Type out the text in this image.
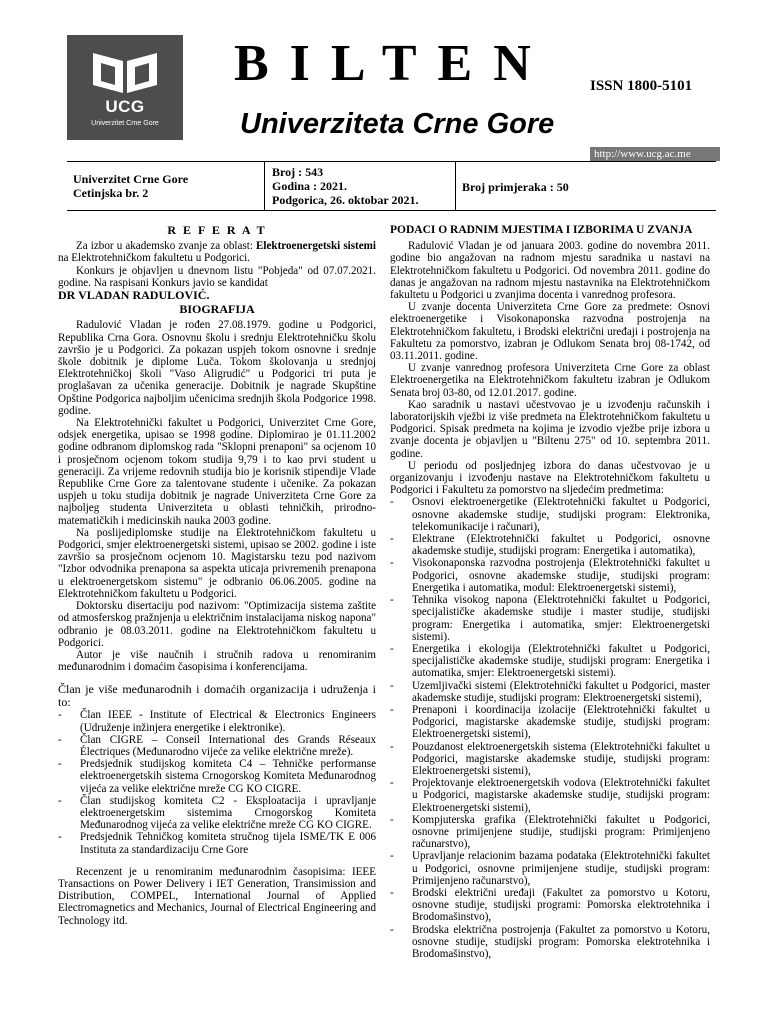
UCG
Univerzitet Crne Gore
BILTEN	ISSN 1800-5101
Univerziteta Crne Gore
http://www.ucg.ac.me
Univerzitet Crne Gore
Cetinjska br. 2
Broj : 543
Godina : 2021.
Podgorica, 26. oktobar 2021.
Broj primjeraka : 50
R E F E R A T

Za izbor u akademsko zvanje za oblast: Elektroenergetski sistemi na Elektrotehničkom fakultetu u Podgorici.

Konkurs je objavljen u dnevnom listu "Pobjeda" od 07.07.2021. godine. Na raspisani Konkurs javio se kandidat

DR VLADAN RADULOVIĆ.

BIOGRAFIJA

Radulović Vladan je rođen 27.08.1979. godine u Podgorici, Republika Crna Gora. Osnovnu školu i srednju Elektrotehničku školu završio je u Podgorici. Za pokazan uspjeh tokom osnovne i srednje škole dobitnik je diplome Luča. Tokom školovanja u srednjoj Elektrotehničkoj školi "Vaso Aligrudić" u Podgorici tri puta je proglašavan za učenika generacije. Dobitnik je nagrade Skupštine Opštine Podgorica najboljim učenicima srednjih škola Podgorice 1998. godine.

Na Elektrotehnički fakultet u Podgorici, Univerzitet Crne Gore, odsjek energetika, upisao se 1998 godine. Diplomirao je 01.11.2002 godine odbranom diplomskog rada "Sklopni prenaponi" sa ocjenom 10 i prosječnom ocjenom tokom studija 9,79 i to kao prvi student u generaciji. Za vrijeme redovnih studija bio je korisnik stipendije Vlade Republike Crne Gore za talentovane studente i učenike. Za pokazan uspjeh u toku studija dobitnik je nagrade Univerziteta Crne Gore za najboljeg studenta Univerziteta u oblasti tehničkih, prirodno-matematičkih i medicinskih nauka 2003 godine.

Na poslijediplomske studije na Elektrotehničkom fakultetu u Podgorici, smjer elektroenergetski sistemi, upisao se 2002. godine i iste završio sa prosječnom ocjenom 10. Magistarsku tezu pod nazivom "Izbor odvodnika prenapona sa aspekta uticaja privremenih prenapona u elektroenergetskom sistemu" je odbranio 06.06.2005. godine na Elektrotehničkom fakultetu u Podgorici.

Doktorsku disertaciju pod nazivom: "Optimizacija sistema zaštite od atmosferskog pražnjenja u električnim instalacijama niskog napona" odbranio je 08.03.2011. godine na Elektrotehničkom fakultetu u Podgorici.

Autor je više naučnih i stručnih radova u renomiranim međunarodnim i domaćim časopisima i konferencijama.

Član je više međunarodnih i domaćih organizacija i udruženja i to:

- Član IEEE - Institute of Electrical & Electronics Engineers (Udruženje inžinjera energetike i elektronike).
- Član CIGRE – Conseil International des Grands Réseaux Électriques (Međunarodno vijeće za velike električne mreže).
- Predsjednik studijskog komiteta C4 – Tehničke performanse elektroenergetskih sistema Crnogorskog Komiteta Međunarodnog vijeća za velike električne mreže CG KO CIGRE.
- Član studijskog komiteta C2 - Eksploatacija i upravljanje elektroenergetskim sistemima Crnogorskog Komiteta Međunarodnog vijeća za velike električne mreže CG KO CIGRE.
- Predsjednik Tehničkog komiteta stručnog tijela ISME/TK E 006 Instituta za standardizaciju Crne Gore

Recenzent je u renomiranim međunarodnim časopisima: IEEE Transactions on Power Delivery i IET Generation, Transimission and Distribution, COMPEL, International Journal of Applied Electromagnetics and Mechanics, Journal of Electrical Engineering and Technology itd.

PODACI O RADNIM MJESTIMA I IZBORIMA U ZVANJA

Radulović Vladan je od januara 2003. godine do novembra 2011. godine bio angažovan na radnom mjestu saradnika u nastavi na Elektrotehničkom fakultetu u Podgorici. Od novembra 2011. godine do danas je angažovan na radnom mjestu nastavnika na Elektrotehničkom fakultetu u Podgorici u zvanjima docenta i vanrednog profesora.

U zvanje docenta Univerziteta Crne Gore za predmete: Osnovi elektroenergetike i Visokonaponska razvodna postrojenja na Elektrotehničkom fakultetu, i Brodski električni uređaji i postrojenja na Fakultetu za pomorstvo, izabran je Odlukom Senata broj 08-1742, od 03.11.2011. godine.

U zvanje vanrednog profesora Univerziteta Crne Gore za oblast Elektroenergetika na Elektrotehničkom fakultetu izabran je Odlukom Senata broj 03-80, od 12.01.2017. godine.

Kao saradnik u nastavi učestvovao je u izvođenju računskih i laboratorijskih vježbi iz više predmeta na Elektrotehničkom fakultetu u Podgorici. Spisak predmeta na kojima je izvodio vježbe prije izbora u zvanje docenta je objavljen u "Biltenu 275" od 10. septembra 2011. godine.

U periodu od posljednjeg izbora do danas učestvovao je u organizovanju i izvođenju nastave na Elektrotehničkom fakultetu u Podgorici i Fakultetu za pomorstvo na sljedećim predmetima:

- Osnovi elektroenergetike (Elektrotehnički fakultet u Podgorici, osnovne akademske studije, studijski program: Elektronika, telekomunikacije i računari),
- Elektrane (Elektrotehnički fakultet u Podgorici, osnovne akademske studije, studijski program: Energetika i automatika),
- Visokonaponska razvodna postrojenja (Elektrotehnički fakultet u Podgorici, osnovne akademske studije, studijski program: Energetika i automatika, modul: Elektroenergetski sistemi),
- Tehnika visokog napona (Elektrotehnički fakultet u Podgorici, specijalističke akademske studije i master studije, studijski program: Energetika i automatika, smjer: Elektroenergetski sistemi).
- Energetika i ekologija (Elektrotehnički fakultet u Podgorici, specijalističke akademske studije, studijski program: Energetika i automatika, smjer: Elektroenergetski sistemi).
- Uzemljivački sistemi (Elektrotehnički fakultet u Podgorici, master akademske studije, studijski program: Elektroenergetski sistemi),
- Prenaponi i koordinacija izolacije (Elektrotehnički fakultet u Podgorici, magistarske akademske studije, studijski program: Elektroenergetski sistemi),
- Pouzdanost elektroenergetskih sistema (Elektrotehnički fakultet u Podgorici, magistarske akademske studije, studijski program: Elektroenergetski sistemi),
- Projektovanje elektroenergetskih vodova (Elektrotehnički fakultet u Podgorici, magistarske akademske studije, studijski program: Elektroenergetski sistemi),
- Kompjuterska grafika (Elektrotehnički fakultet u Podgorici, osnovne primijenjene studije, studijski program: Primijenjeno računarstvo),
- Upravljanje relacionim bazama podataka (Elektrotehnički fakultet u Podgorici, osnovne primijenjene studije, studijski program: Primijenjeno računarstvo),
- Brodski električni uređaji (Fakultet za pomorstvo u Kotoru, osnovne studije, studijski programi: Pomorska elektrotehnika i Brodomašinstvo),
- Brodska električna postrojenja (Fakultet za pomorstvo u Kotoru, osnovne studije, studijski program: Pomorska elektrotehnika i Brodomašinstvo),
